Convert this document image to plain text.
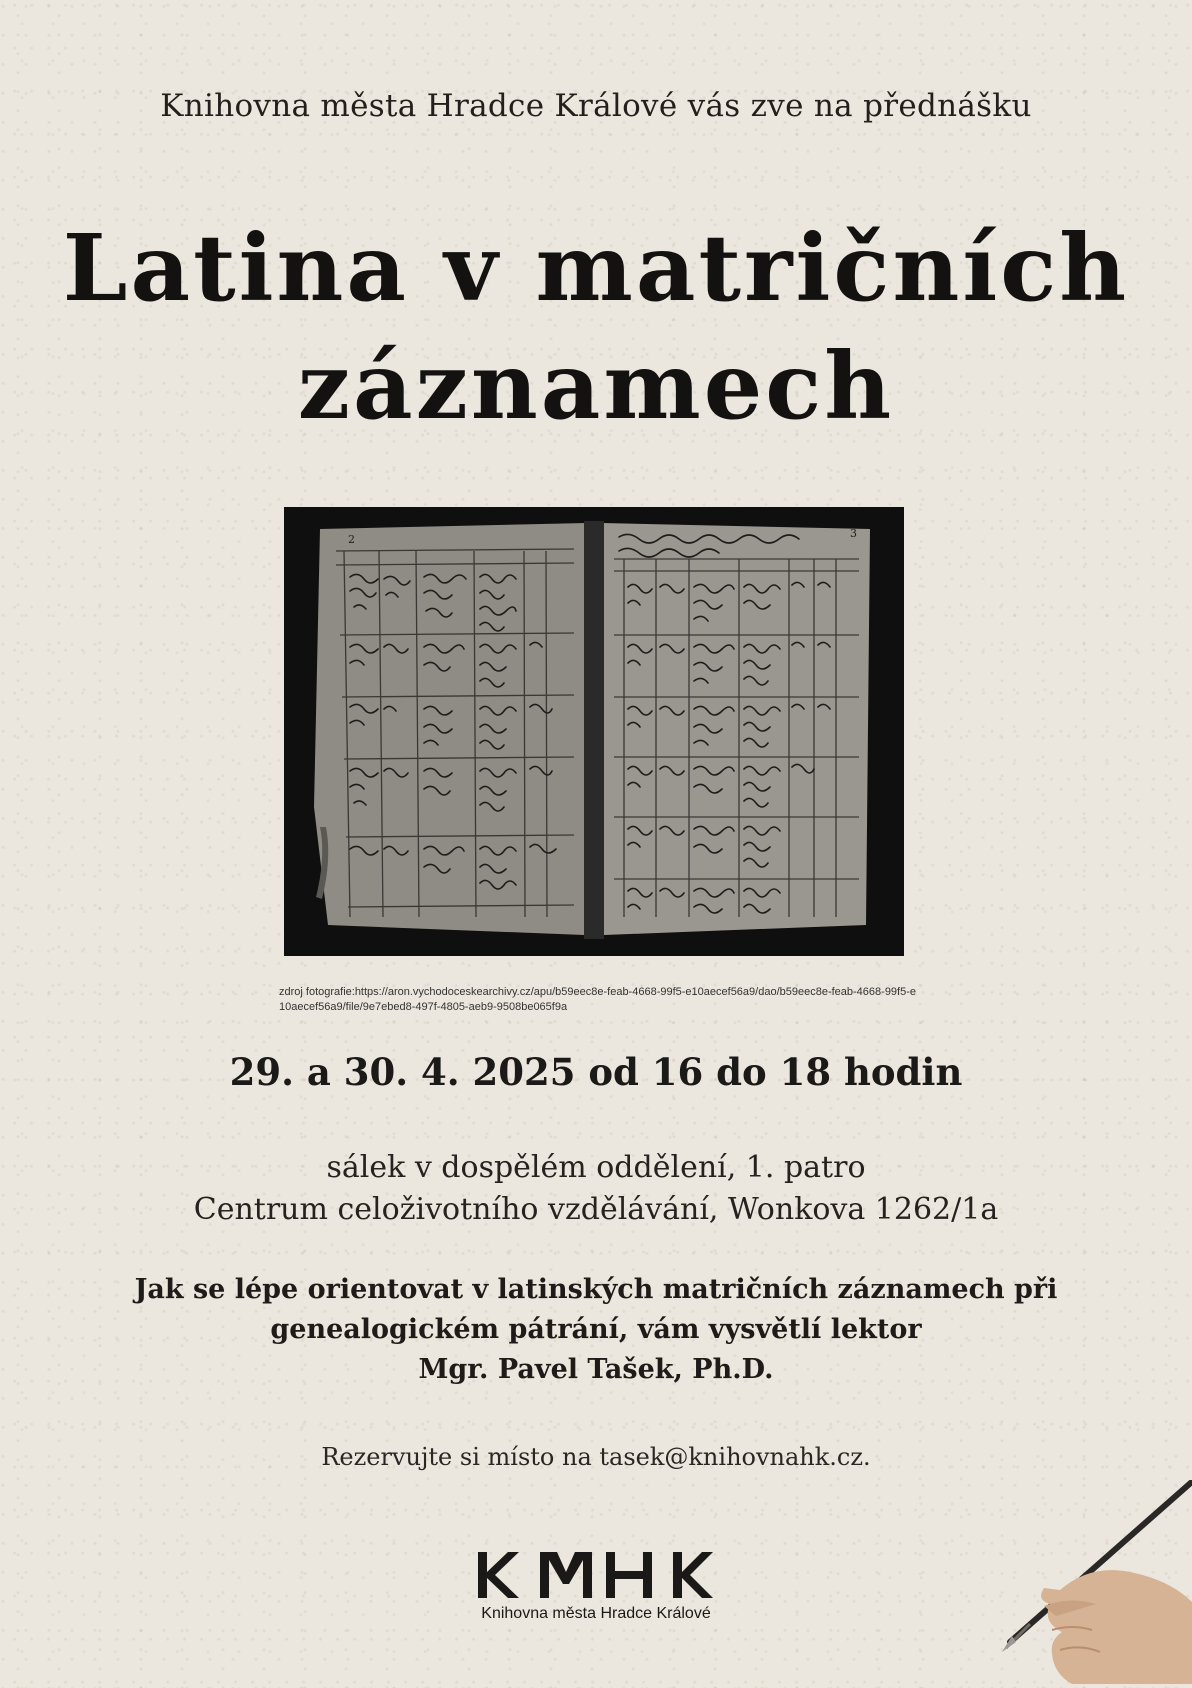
Knihovna města Hradce Králové vás zve na přednášku
Latina v matričních
záznamech
2	3
zdroj fotografie:https://aron.vychodoceskearchivy.cz/apu/b59eec8e-feab-4668-99f5-e10aecef56a9/dao/b59eec8e-feab-4668-99f5-e10aecef56a9/file/9e7ebed8-497f-4805-aeb9-9508be065f9a
29. a 30. 4. 2025 od 16 do 18 hodin
sálek v dospělém oddělení, 1. patro
Centrum celoživotního vzdělávání, Wonkova 1262/1a
Jak se lépe orientovat v latinských matričních záznamech při
genealogickém pátrání, vám vysvětlí lektor
Mgr. Pavel Tašek, Ph.D.
Rezervujte si místo na tasek@knihovnahk.cz.
Knihovna města Hradce Králové
